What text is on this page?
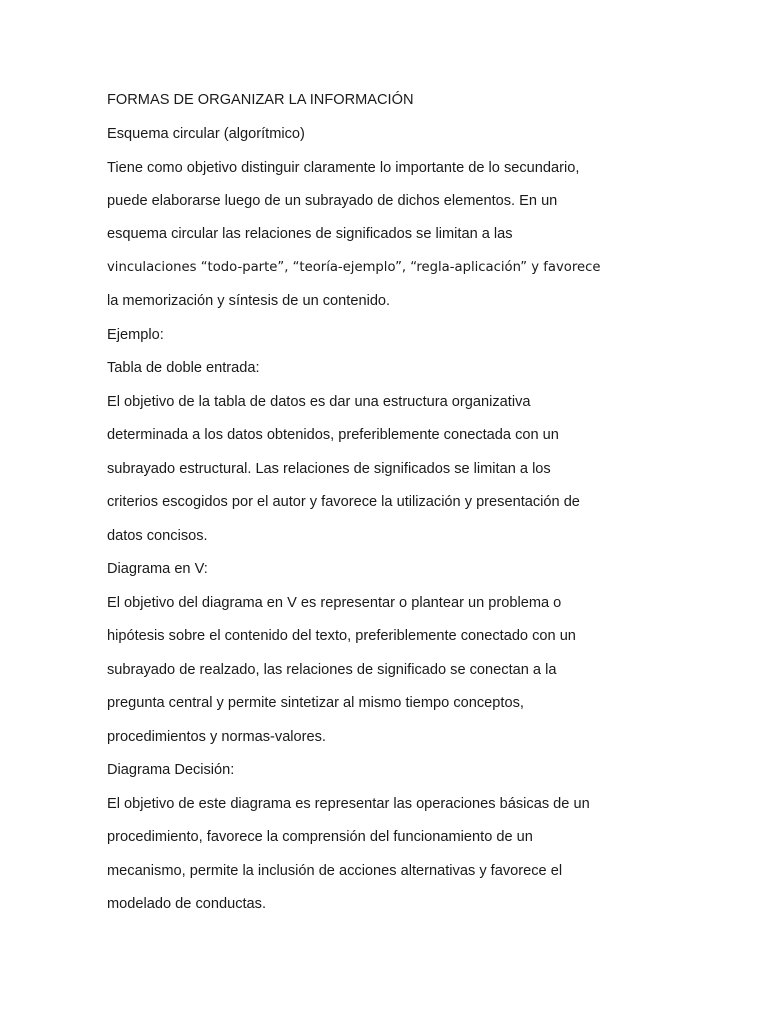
FORMAS DE ORGANIZAR LA INFORMACIÓN

Esquema circular (algorítmico)

Tiene como objetivo distinguir claramente lo importante de lo secundario,

puede elaborarse luego de un subrayado de dichos elementos. En un

esquema circular las relaciones de significados se limitan a las

vinculaciones “todo-parte”, “teoría-ejemplo”, “regla-aplicación” y favorece

la memorización y síntesis de un contenido.

Ejemplo:

Tabla de doble entrada:

El objetivo de la tabla de datos es dar una estructura organizativa

determinada a los datos obtenidos, preferiblemente conectada con un

subrayado estructural. Las relaciones de significados se limitan a los

criterios escogidos por el autor y favorece la utilización y presentación de

datos concisos.

Diagrama en V:

El objetivo del diagrama en V es representar o plantear un problema o

hipótesis sobre el contenido del texto, preferiblemente conectado con un

subrayado de realzado, las relaciones de significado se conectan a la

pregunta central y permite sintetizar al mismo tiempo conceptos,

procedimientos y normas-valores.

Diagrama Decisión:

El objetivo de este diagrama es representar las operaciones básicas de un

procedimiento, favorece la comprensión del funcionamiento de un

mecanismo, permite la inclusión de acciones alternativas y favorece el

modelado de conductas.
